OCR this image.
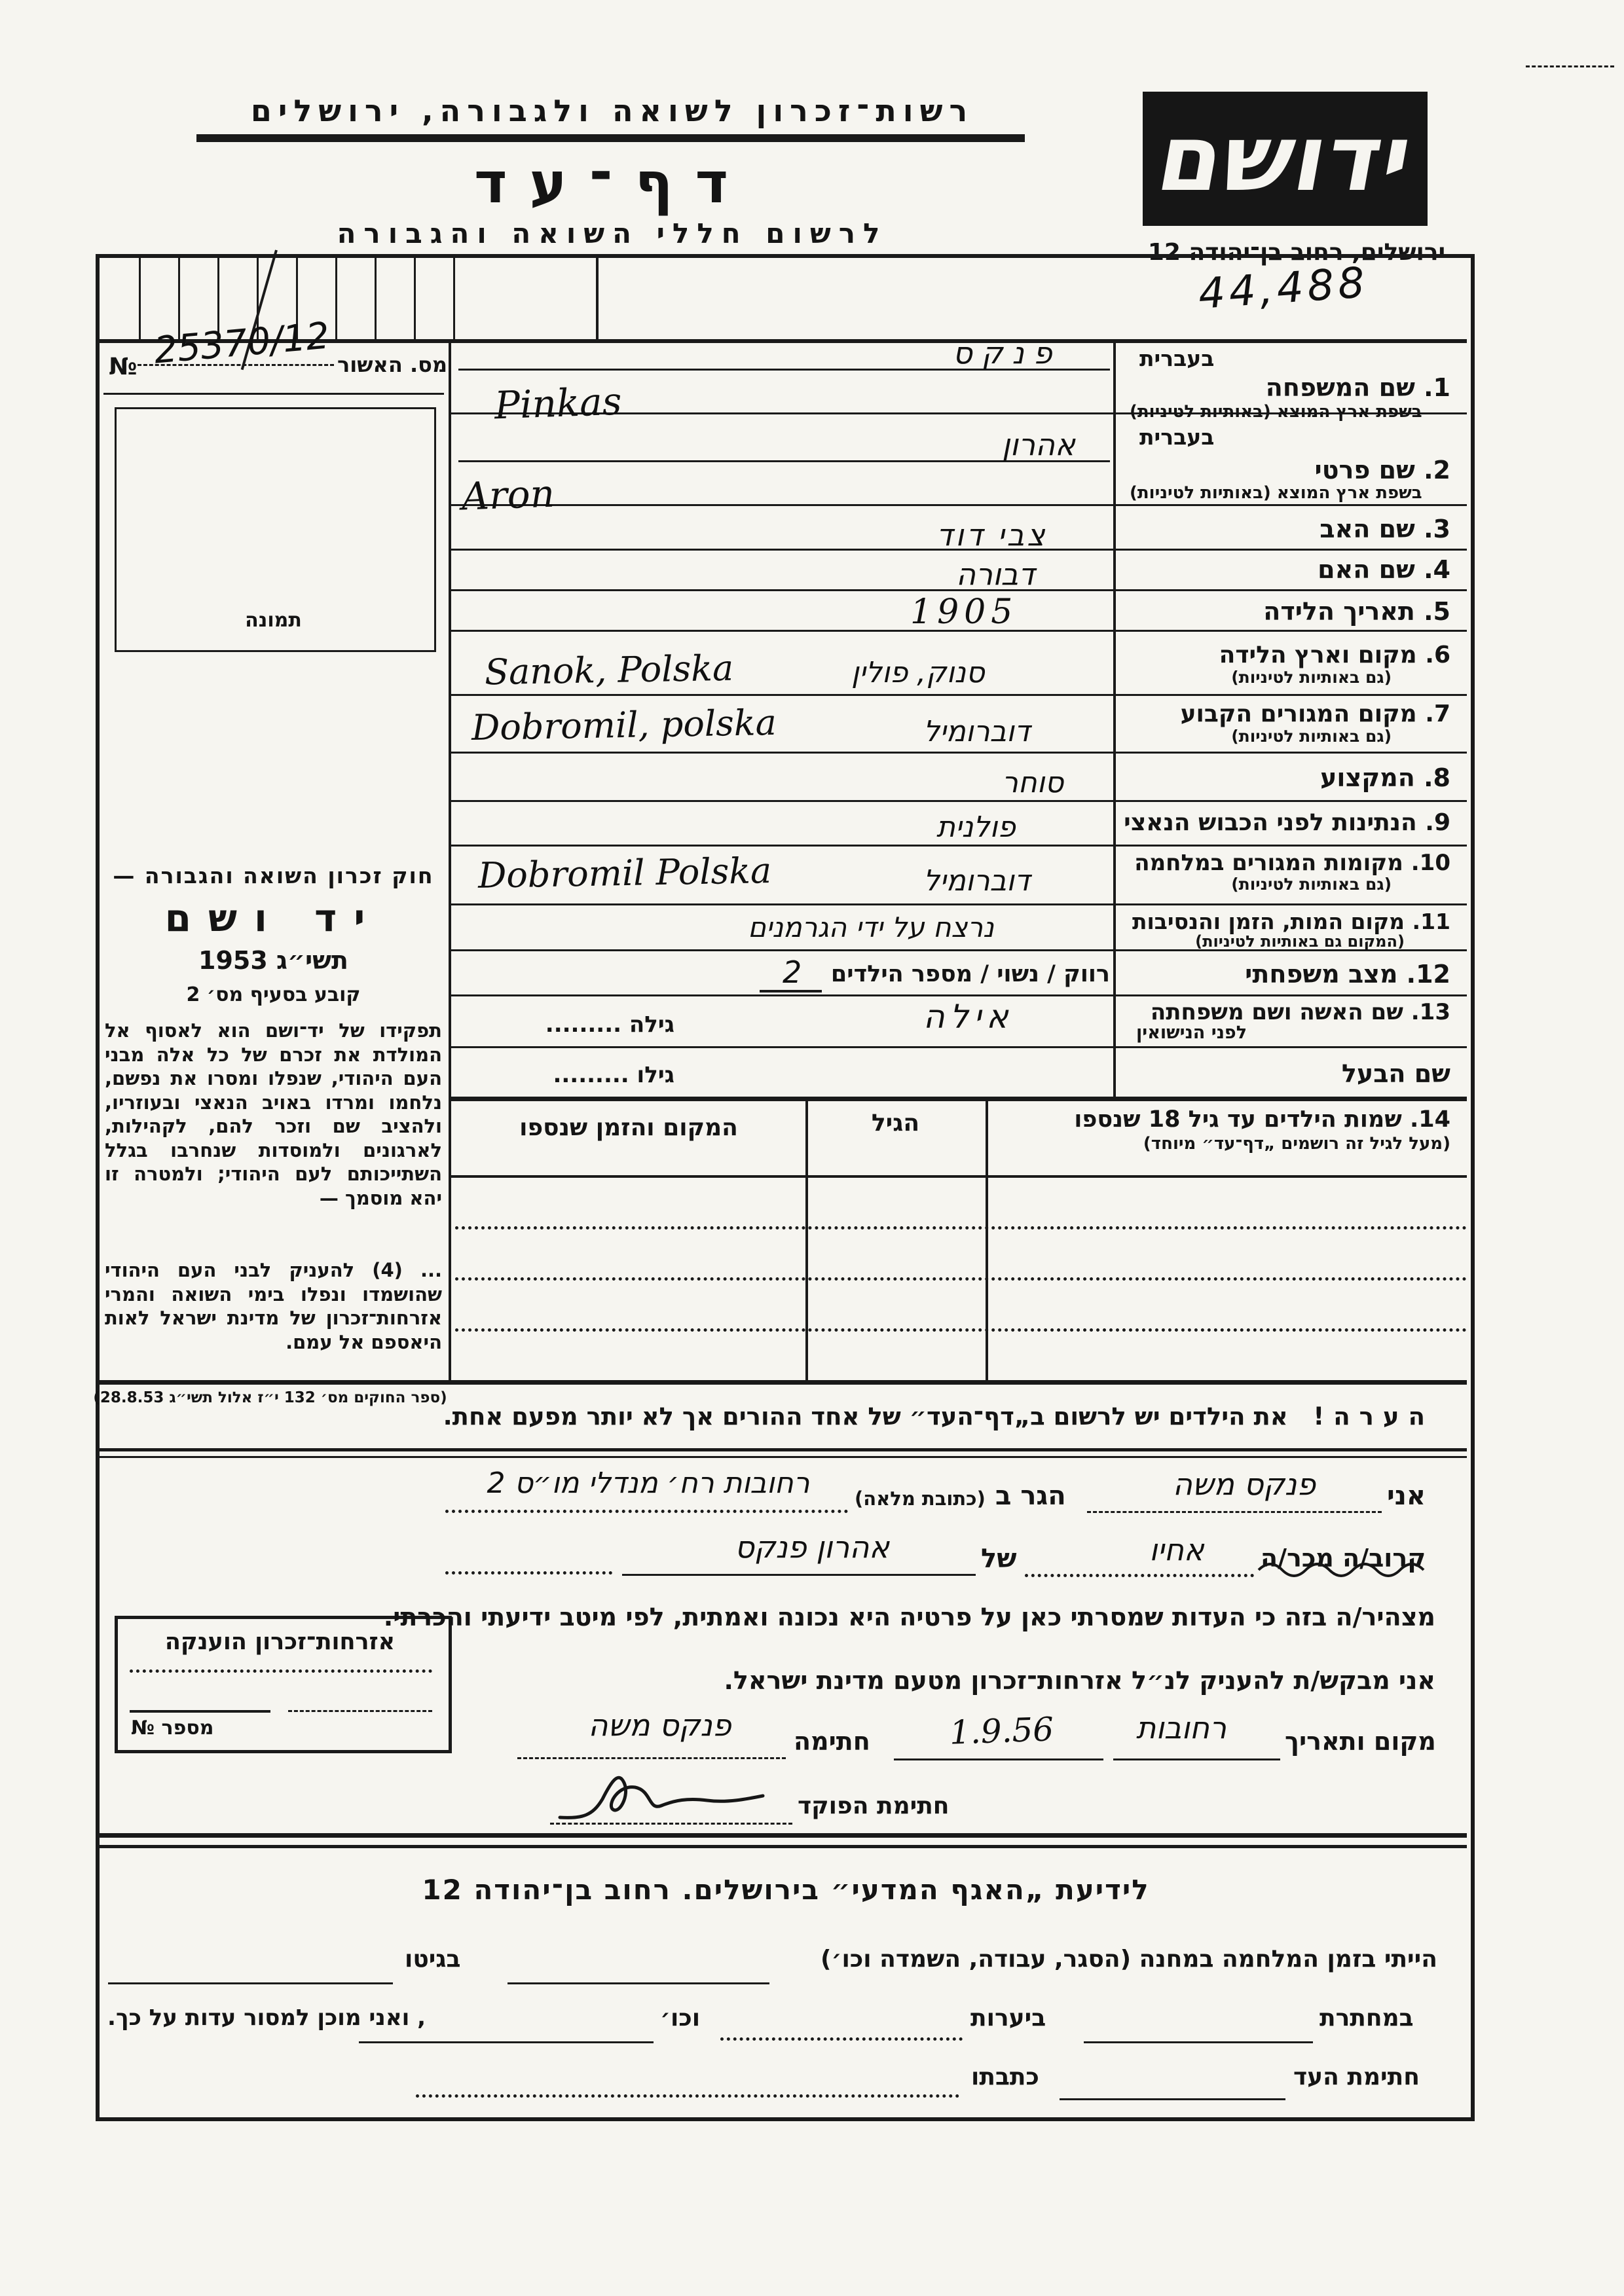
רשות־זכרון לשואה ולגבורה, ירושלים
דף־עד
לרשום חללי השואה והגבורה
ידושם
ירושלים, רחוב בן־יהודה 12
44,488
№ 25370/12 מס. האשור
תמונה
חוק זכרון השואה והגבורה —
יד ושם
תשי״ג 1953
קובע בסעיף מס׳ 2
תפקידו של יד־ושם הוא לאסוף אל המולדת את זכרם של כל אלה מבני העם היהודי, שנפלו ומסרו את נפשם, נלחמו ומרדו באויב הנאצי ובעוזריו, ולהציב שם וזכר להם, לקהילות, לארגונים ולמוסדות שנחרבו בגלל השתייכותם לעם היהודי; ולמטרה זו יהא מוסמך —
... (4) להעניק לבני העם היהודי שהושמדו ונפלו בימי השואה והמרי אזרחות־זכרון של מדינת ישראל לאות היאספם אל עמם.
(ספר החוקים מס׳ 132 י״ז אלול תשי״ג 28.8.53)
אזרחות־זכרון הוענקה
מספר №
בעברית
1. שם המשפחה
בשפת ארץ המוצא (באותיות לטיניות)
בעברית
2. שם פרטי
בשפת ארץ המוצא (באותיות לטיניות)
3. שם האב
4. שם האם
5. תאריך הלידה
6. מקום וארץ הלידה
(גם באותיות לטיניות)
7. מקום המגורים הקבוע
(גם באותיות לטיניות)
8. המקצוע
9. הנתינות לפני הכבוש הנאצי
10. מקומות המגורים במלחמה
(גם באותיות לטיניות)
11. מקום המות, הזמן והנסיבות
(המקום גם באותיות לטיניות)
12. מצב משפחתי
13. שם האשה ושם משפחתה
לפני הנישואין
שם הבעל
14. שמות הילדים עד גיל 18 שנספו
(מעל לגיל זה רושמים „דף־עד״ מיוחד)
הגיל
המקום והזמן שנספו
פנקס
Pinkas
אהרון
Aron
צבי דוד
דבורה
1905
סנוק, פולין
Sanok, Polska
דוברומיל
Dobromil, polska
סוחר
פולנית
דוברומיל
Dobromil Polska
נרצח על ידי הגרמנים
רווק / נשוי / מספר הילדים
2
אילה
גילה .........
גילו .........
הערה!   את הילדים יש לרשום ב„דף־העד״ של אחד ההורים אך לא יותר מפעם אחת.
אני
פנקס משה
הגר ב
(כתובת מלאה)
רחובות רח׳ מנדלי מו״ס 2
קרוב/ה מכר/ה
אחיו
של
אהרון פנקס
מצהיר/ה בזה כי העדות שמסרתי כאן על פרטיה היא נכונה ואמתית, לפי מיטב ידיעתי והכרתי.
אני מבקש/ת להעניק לנ״ל אזרחות־זכרון מטעם מדינת ישראל.
מקום ותאריך
רחובות
1.9.56
חתימה
פנקס משה
חתימת הפוקד
לידיעת „האגף המדעי״ בירושלים. רחוב בן־יהודה 12
הייתי בזמן המלחמה במחנה (הסגר, עבודה, השמדה וכו׳)
בגיטו
במחתרת
ביערות
וכו׳
, ואני מוכן למסור עדות על כך.
חתימת העד
כתבתו
